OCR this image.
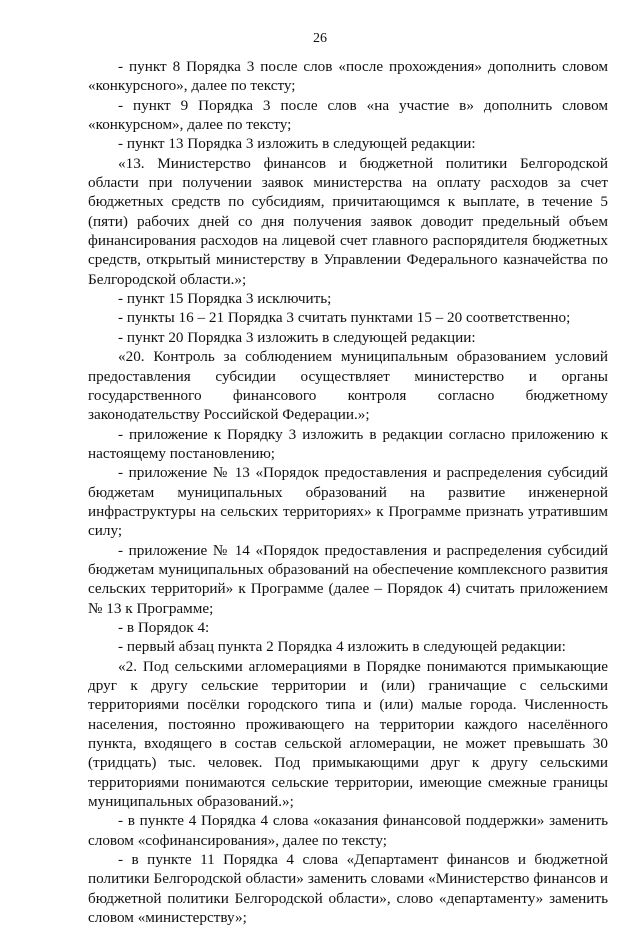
26

- пункт 8 Порядка 3 после слов «после прохождения» дополнить словом «конкурсного», далее по тексту;

- пункт 9 Порядка 3 после слов «на участие в» дополнить словом «конкурсном», далее по тексту;

- пункт 13 Порядка 3 изложить в следующей редакции:

«13. Министерство финансов и бюджетной политики Белгородской области при получении заявок министерства на оплату расходов за счет бюджетных средств по субсидиям, причитающимся к выплате, в течение 5 (пяти) рабочих дней со дня получения заявок доводит предельный объем финансирования расходов на лицевой счет главного распорядителя бюджетных средств, открытый министерству в Управлении Федерального казначейства по Белгородской области.»;

- пункт 15 Порядка 3 исключить;

- пункты 16 – 21 Порядка 3 считать пунктами 15 – 20 соответственно;

- пункт 20 Порядка 3 изложить в следующей редакции:

«20. Контроль за соблюдением муниципальным образованием условий предоставления субсидии осуществляет министерство и органы государственного финансового контроля согласно бюджетному законодательству Российской Федерации.»;

- приложение к Порядку 3 изложить в редакции согласно приложению к настоящему постановлению;

- приложение № 13 «Порядок предоставления и распределения субсидий бюджетам муниципальных образований на развитие инженерной инфраструктуры на сельских территориях» к Программе признать утратившим силу;

- приложение № 14 «Порядок предоставления и распределения субсидий бюджетам муниципальных образований на обеспечение комплексного развития сельских территорий» к Программе (далее – Порядок 4) считать приложением № 13 к Программе;

- в Порядок 4:

- первый абзац пункта 2 Порядка 4 изложить в следующей редакции:

«2. Под сельскими агломерациями в Порядке понимаются примыкающие друг к другу сельские территории и (или) граничащие с сельскими территориями посёлки городского типа и (или) малые города. Численность населения, постоянно проживающего на территории каждого населённого пункта, входящего в состав сельской агломерации, не может превышать 30 (тридцать) тыс. человек. Под примыкающими друг к другу сельскими территориями понимаются сельские территории, имеющие смежные границы муниципальных образований.»;

- в пункте 4 Порядка 4 слова «оказания финансовой поддержки» заменить словом «софинансирования», далее по тексту;

- в пункте 11 Порядка 4 слова «Департамент финансов и бюджетной политики Белгородской области» заменить словами «Министерство финансов и бюджетной политики Белгородской области», слово «департаменту» заменить словом «министерству»;
